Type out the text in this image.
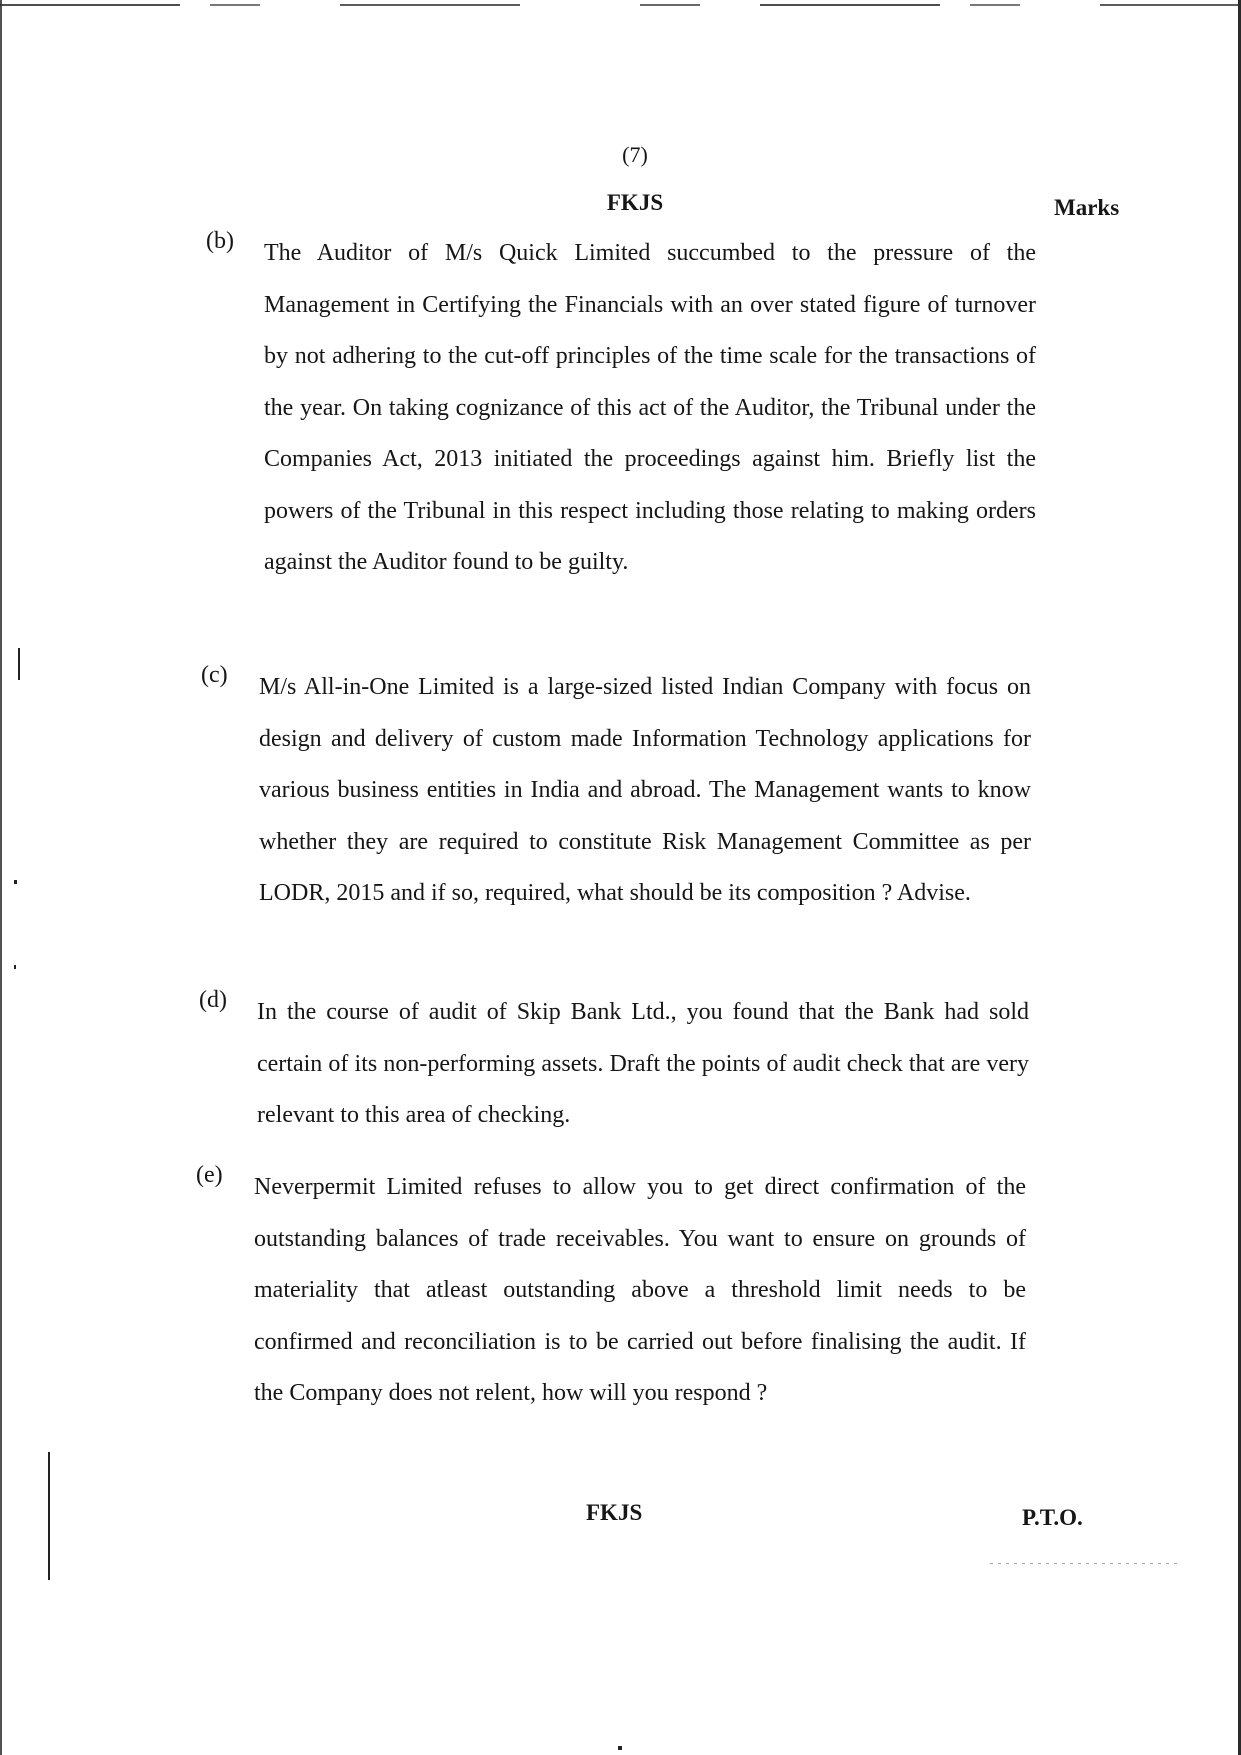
(7)
FKJS	Marks
(b) The Auditor of M/s Quick Limited succumbed to the pressure of the Management in Certifying the Financials with an over stated figure of turnover by not adhering to the cut-off principles of the time scale for the transactions of the year. On taking cognizance of this act of the Auditor, the Tribunal under the Companies Act, 2013 initiated the proceedings against him. Briefly list the powers of the Tribunal in this respect including those relating to making orders against the Auditor found to be guilty.
(c) M/s All-in-One Limited is a large-sized listed Indian Company with focus on design and delivery of custom made Information Technology applications for various business entities in India and abroad. The Management wants to know whether they are required to constitute Risk Management Committee as per LODR, 2015 and if so, required, what should be its composition ? Advise.
(d) In the course of audit of Skip Bank Ltd., you found that the Bank had sold certain of its non-performing assets. Draft the points of audit check that are very relevant to this area of checking.
(e) Neverpermit Limited refuses to allow you to get direct confirmation of the outstanding balances of trade receivables. You want to ensure on grounds of materiality that atleast outstanding above a threshold limit needs to be confirmed and reconciliation is to be carried out before finalising the audit. If the Company does not relent, how will you respond ?
FKJS	P.T.O.
